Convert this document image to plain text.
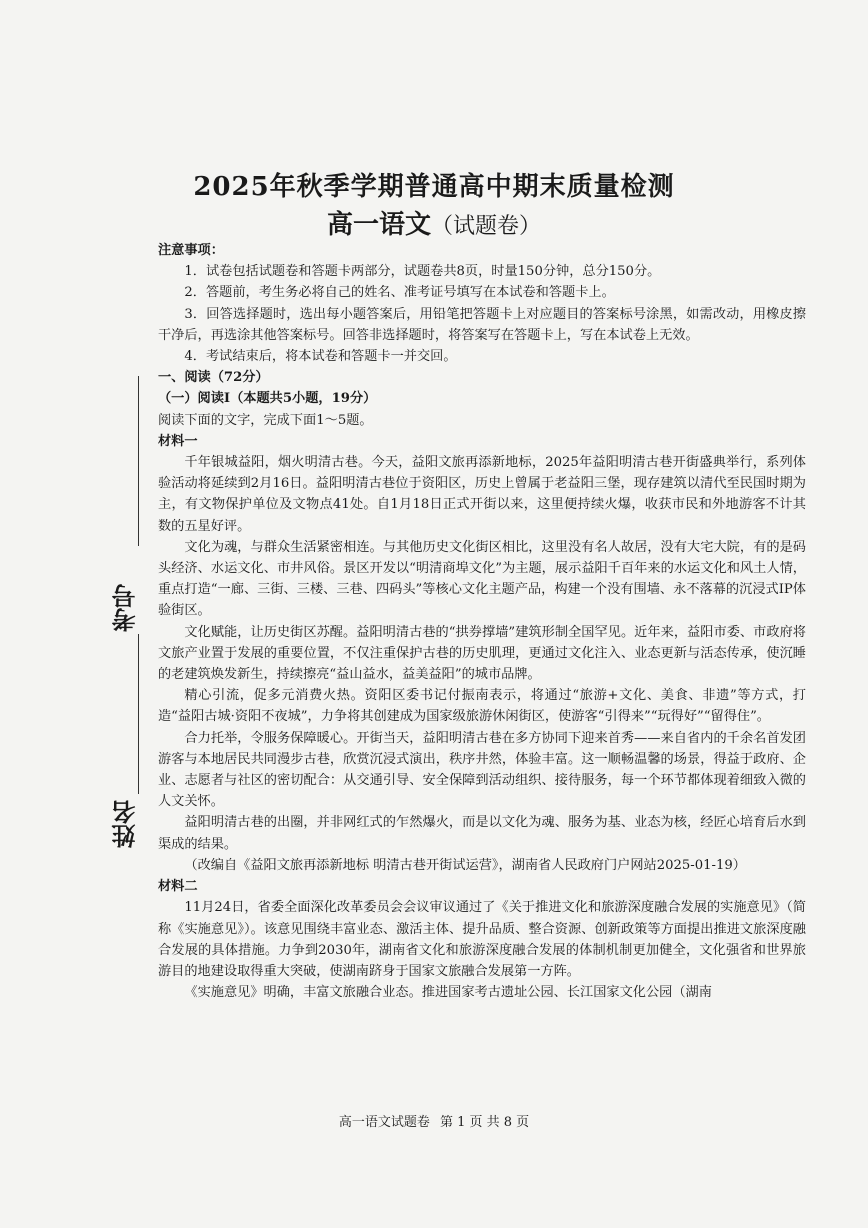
2025年秋季学期普通高中期末质量检测
高一语文（试题卷）
考号
姓名

注意事项：

1．试卷包括试题卷和答题卡两部分，试题卷共8页，时量150分钟，总分150分。

2．答题前，考生务必将自己的姓名、准考证号填写在本试卷和答题卡上。

3．回答选择题时，选出每小题答案后，用铅笔把答题卡上对应题目的答案标号涂黑，如需改动，用橡皮擦干净后，再选涂其他答案标号。回答非选择题时，将答案写在答题卡上，写在本试卷上无效。

4．考试结束后，将本试卷和答题卡一并交回。

一、阅读（72分）

（一）阅读Ⅰ（本题共5小题，19分）

阅读下面的文字，完成下面1～5题。

材料一

千年银城益阳，烟火明清古巷。今天，益阳文旅再添新地标，2025年益阳明清古巷开街盛典举行，系列体验活动将延续到2月16日。益阳明清古巷位于资阳区，历史上曾属于老益阳三堡，现存建筑以清代至民国时期为主，有文物保护单位及文物点41处。自1月18日正式开街以来，这里便持续火爆，收获市民和外地游客不计其数的五星好评。

文化为魂，与群众生活紧密相连。与其他历史文化街区相比，这里没有名人故居，没有大宅大院，有的是码头经济、水运文化、市井风俗。景区开发以“明清商埠文化”为主题，展示益阳千百年来的水运文化和风土人情，重点打造“一廊、三街、三楼、三巷、四码头”等核心文化主题产品，构建一个没有围墙、永不落幕的沉浸式IP体验街区。

文化赋能，让历史街区苏醒。益阳明清古巷的“拱券撑墙”建筑形制全国罕见。近年来，益阳市委、市政府将文旅产业置于发展的重要位置，不仅注重保护古巷的历史肌理，更通过文化注入、业态更新与活态传承，使沉睡的老建筑焕发新生，持续擦亮“益山益水，益美益阳”的城市品牌。

精心引流，促多元消费火热。资阳区委书记付振南表示，将通过“旅游+文化、美食、非遗”等方式，打造“益阳古城·资阳不夜城”，力争将其创建成为国家级旅游休闲街区，使游客“引得来”“玩得好”“留得住”。

合力托举，令服务保障暖心。开街当天，益阳明清古巷在多方协同下迎来首秀——来自省内的千余名首发团游客与本地居民共同漫步古巷，欣赏沉浸式演出，秩序井然，体验丰富。这一顺畅温馨的场景，得益于政府、企业、志愿者与社区的密切配合：从交通引导、安全保障到活动组织、接待服务，每一个环节都体现着细致入微的人文关怀。

益阳明清古巷的出圈，并非网红式的乍然爆火，而是以文化为魂、服务为基、业态为核，经匠心培育后水到渠成的结果。

（改编自《益阳文旅再添新地标 明清古巷开街试运营》，湖南省人民政府门户网站2025-01-19）

材料二

11月24日，省委全面深化改革委员会会议审议通过了《关于推进文化和旅游深度融合发展的实施意见》（简称《实施意见》）。该意见围绕丰富业态、激活主体、提升品质、整合资源、创新政策等方面提出推进文旅深度融合发展的具体措施。力争到2030年，湖南省文化和旅游深度融合发展的体制机制更加健全，文化强省和世界旅游目的地建设取得重大突破，使湖南跻身于国家文旅融合发展第一方阵。

《实施意见》明确，丰富文旅融合业态。推进国家考古遗址公园、长江国家文化公园（湖南

高一语文试题卷 第 1 页 共 8 页
